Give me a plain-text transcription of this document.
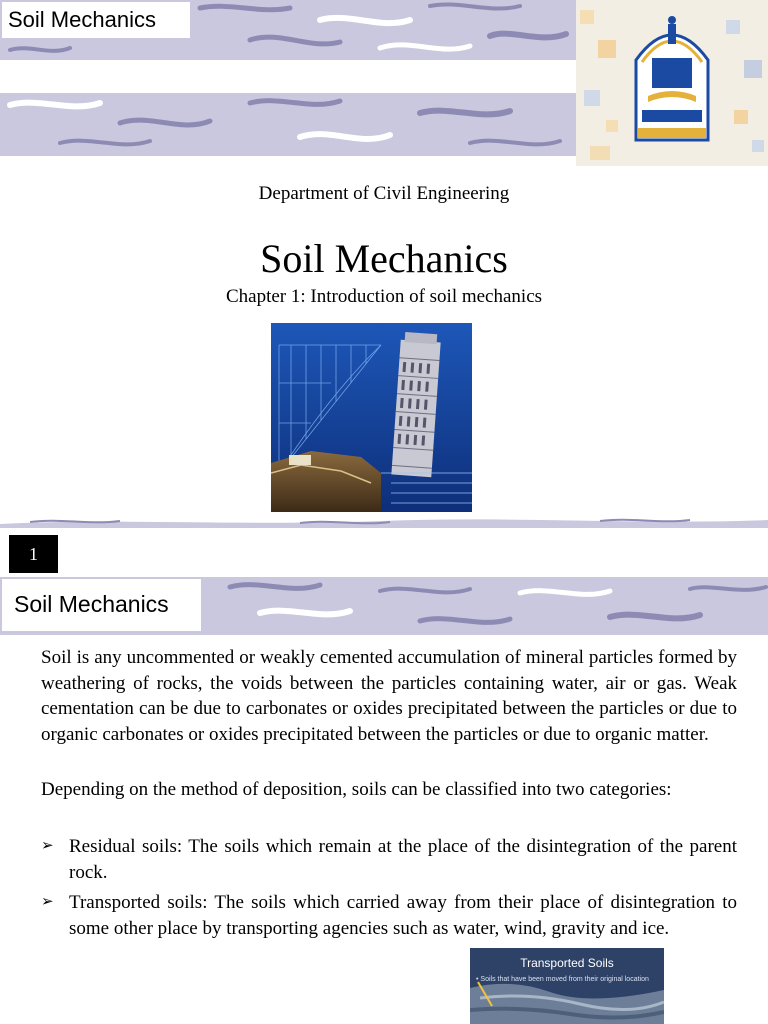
Soil Mechanics
Department of Civil Engineering
Soil Mechanics
Chapter 1: Introduction of soil mechanics
1
Soil Mechanics
Soil is any uncommented or weakly cemented accumulation of mineral particles formed by weathering of rocks, the voids between the particles containing water, air or gas. Weak cementation can be due to carbonates or oxides precipitated between the particles or due to organic carbonates or oxides precipitated between the particles or due to organic matter.
Depending on the method of deposition, soils can be classified into two categories:
➢ Residual soils: The soils which remain at the place of the disintegration of the parent rock.
➢ Transported soils: The soils which carried away from their place of disintegration to some other place by transporting agencies such as water, wind, gravity and ice.
Transported Soils
• Soils that have been moved from their original location
